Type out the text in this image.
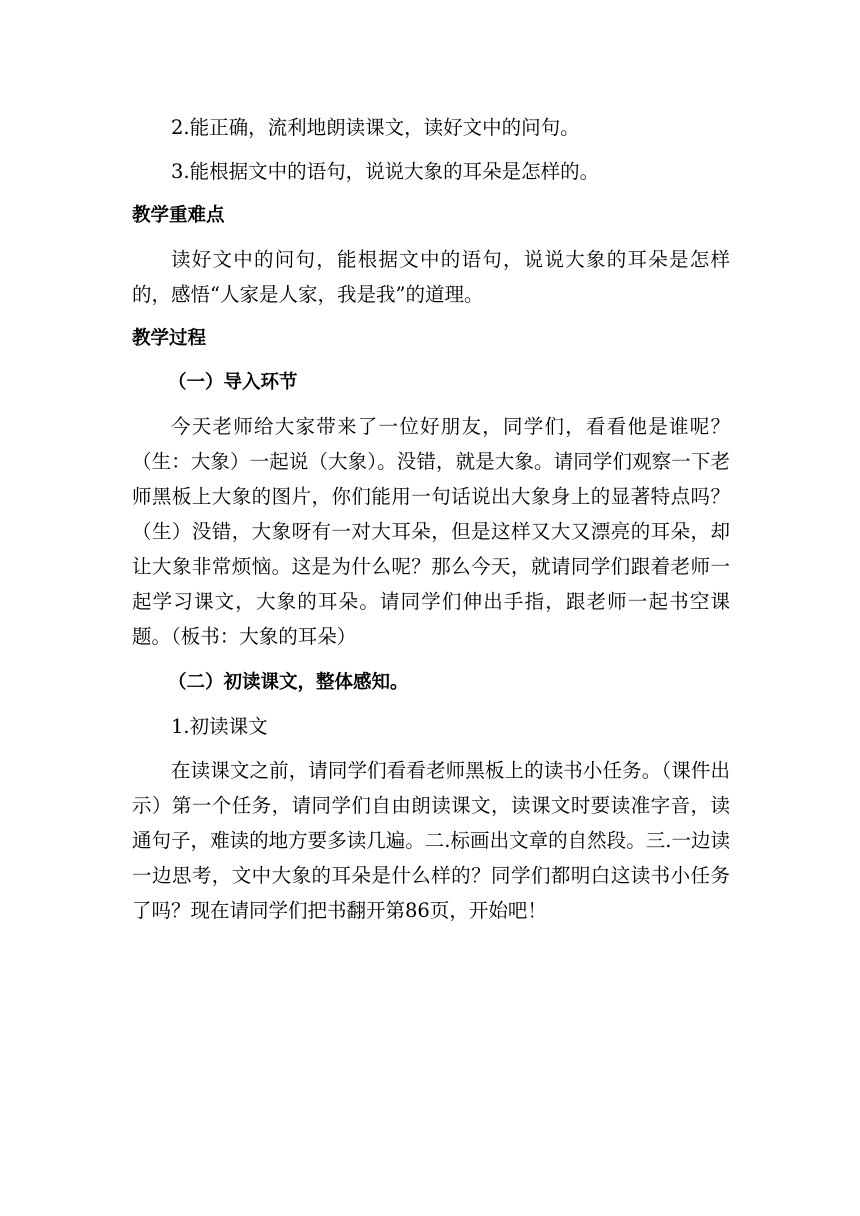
2.能正确，流利地朗读课文，读好文中的问句。

3.能根据文中的语句，说说大象的耳朵是怎样的。

教学重难点

读好文中的问句，能根据文中的语句，说说大象的耳朵是怎样的，感悟“人家是人家，我是我”的道理。

教学过程

（一）导入环节

今天老师给大家带来了一位好朋友，同学们，看看他是谁呢？（生：大象）一起说（大象）。没错，就是大象。请同学们观察一下老师黑板上大象的图片，你们能用一句话说出大象身上的显著特点吗？（生）没错，大象呀有一对大耳朵，但是这样又大又漂亮的耳朵，却让大象非常烦恼。这是为什么呢？那么今天，就请同学们跟着老师一起学习课文，大象的耳朵。请同学们伸出手指，跟老师一起书空课题。（板书：大象的耳朵）

（二）初读课文，整体感知。

1.初读课文

在读课文之前，请同学们看看老师黑板上的读书小任务。（课件出示）第一个任务，请同学们自由朗读课文，读课文时要读准字音，读通句子，难读的地方要多读几遍。二.标画出文章的自然段。三.一边读一边思考，文中大象的耳朵是什么样的？同学们都明白这读书小任务了吗？现在请同学们把书翻开第86页，开始吧！
